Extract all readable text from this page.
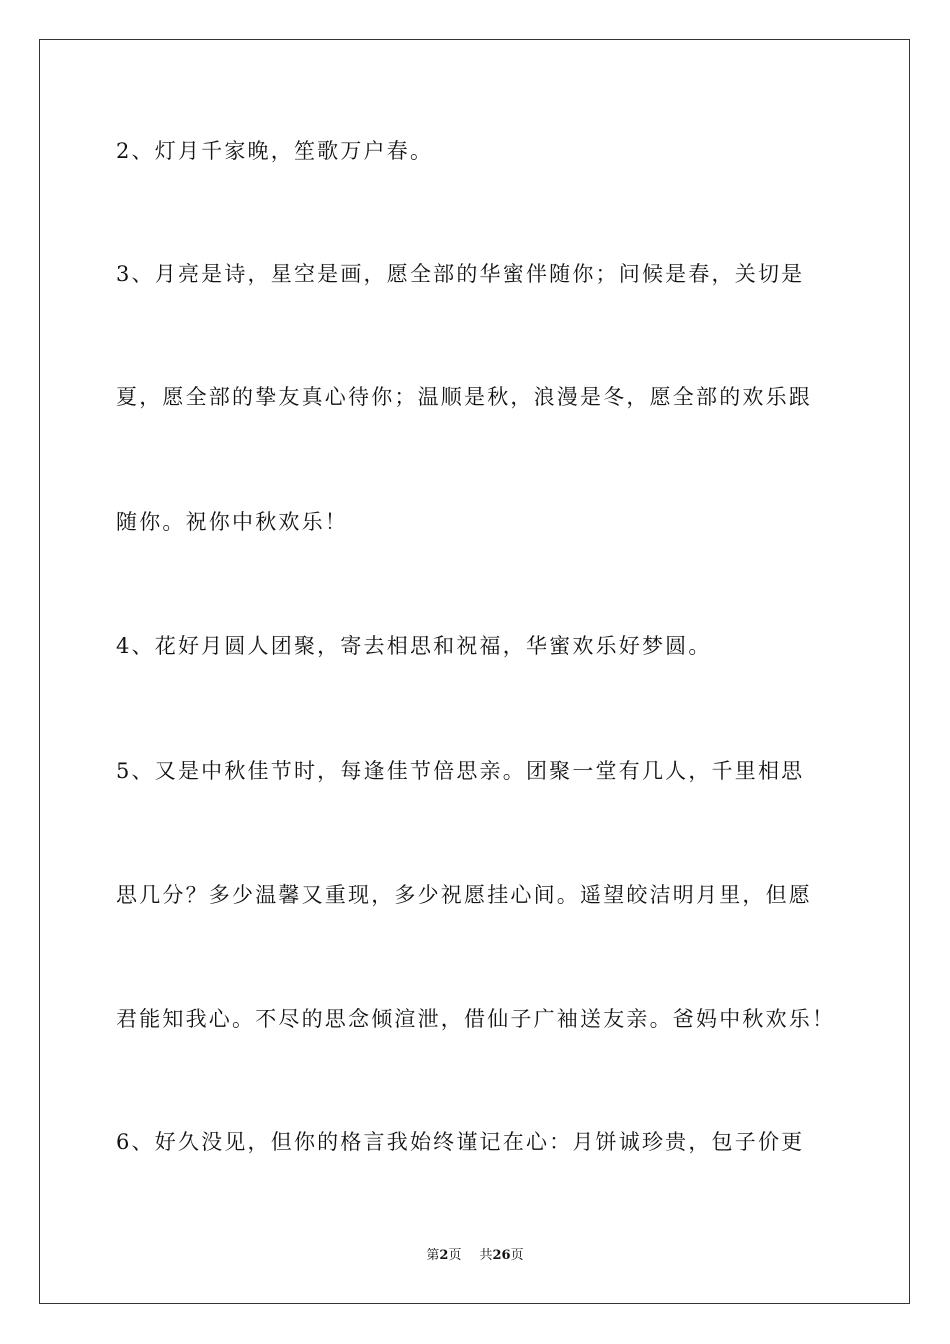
2、灯月千家晚，笙歌万户春。
3、月亮是诗，星空是画，愿全部的华蜜伴随你；问候是春，关切是
夏，愿全部的挚友真心待你；温顺是秋，浪漫是冬，愿全部的欢乐跟
随你。祝你中秋欢乐！
4、花好月圆人团聚，寄去相思和祝福，华蜜欢乐好梦圆。
5、又是中秋佳节时，每逢佳节倍思亲。团聚一堂有几人，千里相思
思几分？多少温馨又重现，多少祝愿挂心间。遥望皎洁明月里，但愿
君能知我心。不尽的思念倾渲泄，借仙子广袖送友亲。爸妈中秋欢乐！
6、好久没见，但你的格言我始终谨记在心：月饼诚珍贵，包子价更
第2页 共26页
